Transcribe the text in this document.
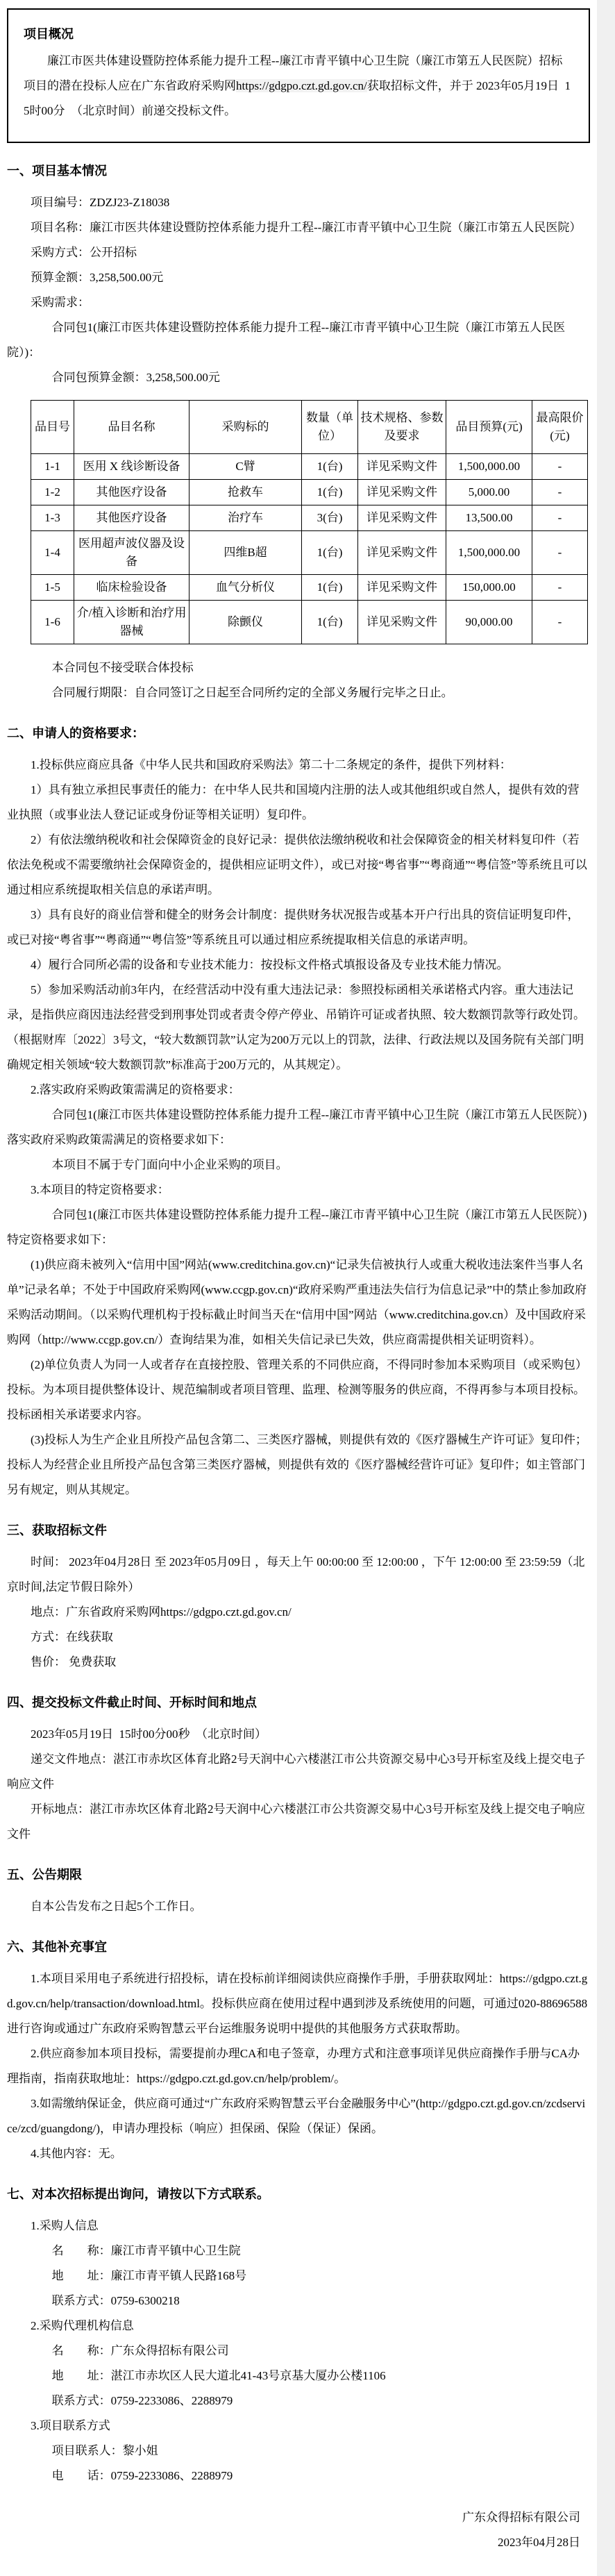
项目概况

廉江市医共体建设暨防控体系能力提升工程--廉江市青平镇中心卫生院（廉江市第五人民医院）招标项目的潜在投标人应在广东省政府采购网https://gdgpo.czt.gd.gov.cn/获取招标文件，并于 2023年05月19日  15时00分  （北京时间）前递交投标文件。

一、项目基本情况

项目编号：ZDZJ23-Z18038

项目名称：廉江市医共体建设暨防控体系能力提升工程--廉江市青平镇中心卫生院（廉江市第五人民医院）

采购方式：公开招标

预算金额：3,258,500.00元

采购需求：

合同包1(廉江市医共体建设暨防控体系能力提升工程--廉江市青平镇中心卫生院（廉江市第五人民医院）)：

合同包预算金额：3,258,500.00元

品目号	品目名称	采购标的	数量（单位）	技术规格、参数及要求	品目预算(元)	最高限价(元)
1-1	医用 X 线诊断设备	C臂	1(台)	详见采购文件	1,500,000.00	-
1-2	其他医疗设备	抢救车	1(台)	详见采购文件	5,000.00	-
1-3	其他医疗设备	治疗车	3(台)	详见采购文件	13,500.00	-
1-4	医用超声波仪器及设备	四维B超	1(台)	详见采购文件	1,500,000.00	-
1-5	临床检验设备	血气分析仪	1(台)	详见采购文件	150,000.00	-
1-6	介/植入诊断和治疗用器械	除颤仪	1(台)	详见采购文件	90,000.00	-

本合同包不接受联合体投标

合同履行期限：自合同签订之日起至合同所约定的全部义务履行完毕之日止。

二、申请人的资格要求：

1.投标供应商应具备《中华人民共和国政府采购法》第二十二条规定的条件，提供下列材料：

1）具有独立承担民事责任的能力：在中华人民共和国境内注册的法人或其他组织或自然人，提供有效的营业执照（或事业法人登记证或身份证等相关证明）复印件。

2）有依法缴纳税收和社会保障资金的良好记录：提供依法缴纳税收和社会保障资金的相关材料复印件（若依法免税或不需要缴纳社会保障资金的，提供相应证明文件），或已对接“粤省事”“粤商通”“粤信签”等系统且可以通过相应系统提取相关信息的承诺声明。

3）具有良好的商业信誉和健全的财务会计制度：提供财务状况报告或基本开户行出具的资信证明复印件，或已对接“粤省事”“粤商通”“粤信签”等系统且可以通过相应系统提取相关信息的承诺声明。

4）履行合同所必需的设备和专业技术能力：按投标文件格式填报设备及专业技术能力情况。

5）参加采购活动前3年内，在经营活动中没有重大违法记录：参照投标函相关承诺格式内容。重大违法记录，是指供应商因违法经营受到刑事处罚或者责令停产停业、吊销许可证或者执照、较大数额罚款等行政处罚。（根据财库〔2022〕3号文，“较大数额罚款”认定为200万元以上的罚款，法律、行政法规以及国务院有关部门明确规定相关领域“较大数额罚款”标准高于200万元的，从其规定）。

2.落实政府采购政策需满足的资格要求：

合同包1(廉江市医共体建设暨防控体系能力提升工程--廉江市青平镇中心卫生院（廉江市第五人民医院）)落实政府采购政策需满足的资格要求如下：

本项目不属于专门面向中小企业采购的项目。

3.本项目的特定资格要求：

合同包1(廉江市医共体建设暨防控体系能力提升工程--廉江市青平镇中心卫生院（廉江市第五人民医院）)特定资格要求如下：

(1)供应商未被列入“信用中国”网站(www.creditchina.gov.cn)“记录失信被执行人或重大税收违法案件当事人名单”记录名单；不处于中国政府采购网(www.ccgp.gov.cn)“政府采购严重违法失信行为信息记录”中的禁止参加政府采购活动期间。（以采购代理机构于投标截止时间当天在“信用中国”网站（www.creditchina.gov.cn）及中国政府采购网（http://www.ccgp.gov.cn/）查询结果为准，如相关失信记录已失效，供应商需提供相关证明资料）。

(2)单位负责人为同一人或者存在直接控股、管理关系的不同供应商，不得同时参加本采购项目（或采购包）投标。为本项目提供整体设计、规范编制或者项目管理、监理、检测等服务的供应商，不得再参与本项目投标。投标函相关承诺要求内容。

(3)投标人为生产企业且所投产品包含第二、三类医疗器械，则提供有效的《医疗器械生产许可证》复印件；投标人为经营企业且所投产品包含第三类医疗器械，则提供有效的《医疗器械经营许可证》复印件；如主管部门另有规定，则从其规定。

三、获取招标文件

时间： 2023年04月28日 至 2023年05月09日 ，每天上午 00:00:00 至 12:00:00 ，下午 12:00:00 至 23:59:59（北京时间,法定节假日除外）

地点：广东省政府采购网https://gdgpo.czt.gd.gov.cn/

方式：在线获取

售价： 免费获取

四、提交投标文件截止时间、开标时间和地点

2023年05月19日  15时00分00秒  （北京时间）

递交文件地点：湛江市赤坎区体育北路2号天润中心六楼湛江市公共资源交易中心3号开标室及线上提交电子响应文件

开标地点：湛江市赤坎区体育北路2号天润中心六楼湛江市公共资源交易中心3号开标室及线上提交电子响应文件

五、公告期限

自本公告发布之日起5个工作日。

六、其他补充事宜

1.本项目采用电子系统进行招投标，请在投标前详细阅读供应商操作手册，手册获取网址：https://gdgpo.czt.gd.gov.cn/help/transaction/download.html。投标供应商在使用过程中遇到涉及系统使用的问题，可通过020-88696588 进行咨询或通过广东政府采购智慧云平台运维服务说明中提供的其他服务方式获取帮助。

2.供应商参加本项目投标，需要提前办理CA和电子签章，办理方式和注意事项详见供应商操作手册与CA办理指南，指南获取地址：https://gdgpo.czt.gd.gov.cn/help/problem/。

3.如需缴纳保证金，供应商可通过“广东政府采购智慧云平台金融服务中心”(http://gdgpo.czt.gd.gov.cn/zcdservice/zcd/guangdong/)，申请办理投标（响应）担保函、保险（保证）保函。

4.其他内容：无。

七、对本次招标提出询问，请按以下方式联系。

1.采购人信息

名　　称：廉江市青平镇中心卫生院

地　　址：廉江市青平镇人民路168号

联系方式：0759-6300218

2.采购代理机构信息

名　　称：广东众得招标有限公司

地　　址：湛江市赤坎区人民大道北41-43号京基大厦办公楼1106

联系方式：0759-2233086、2288979

3.项目联系方式

项目联系人：黎小姐

电　　话：0759-2233086、2288979

广东众得招标有限公司

2023年04月28日
